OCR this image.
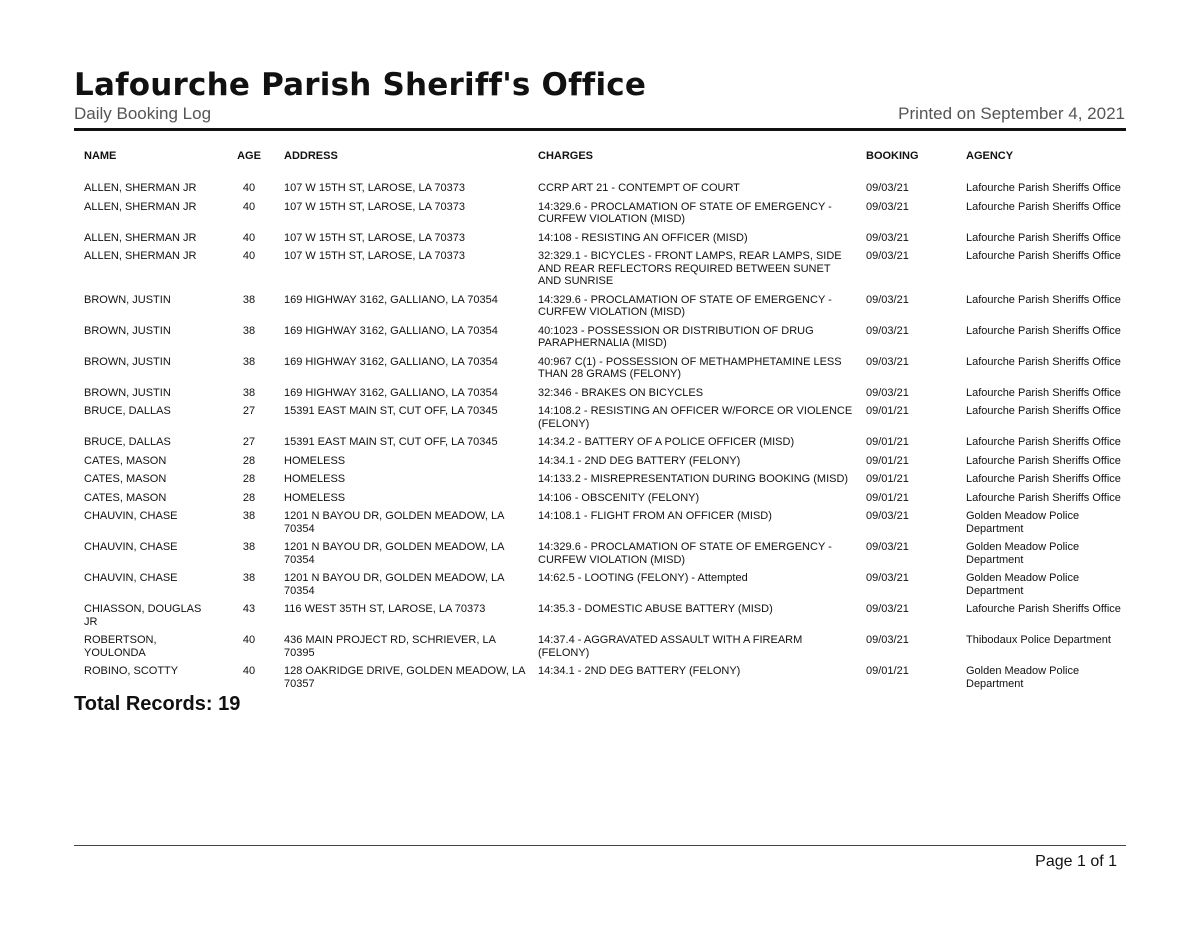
Lafourche Parish Sheriff's Office
Daily Booking Log	Printed on September 4, 2021
NAME	AGE	ADDRESS	CHARGES	BOOKING	AGENCY
ALLEN, SHERMAN JR	40	107 W 15TH ST, LAROSE, LA 70373	CCRP ART 21 - CONTEMPT OF COURT	09/03/21	Lafourche Parish Sheriffs Office
ALLEN, SHERMAN JR	40	107 W 15TH ST, LAROSE, LA 70373	14:329.6 - PROCLAMATION OF STATE OF EMERGENCY - CURFEW VIOLATION (MISD)	09/03/21	Lafourche Parish Sheriffs Office
ALLEN, SHERMAN JR	40	107 W 15TH ST, LAROSE, LA 70373	14:108 - RESISTING AN OFFICER (MISD)	09/03/21	Lafourche Parish Sheriffs Office
ALLEN, SHERMAN JR	40	107 W 15TH ST, LAROSE, LA 70373	32:329.1 - BICYCLES - FRONT LAMPS, REAR LAMPS, SIDE AND REAR REFLECTORS REQUIRED BETWEEN SUNET AND SUNRISE	09/03/21	Lafourche Parish Sheriffs Office
BROWN, JUSTIN	38	169 HIGHWAY 3162, GALLIANO, LA 70354	14:329.6 - PROCLAMATION OF STATE OF EMERGENCY - CURFEW VIOLATION (MISD)	09/03/21	Lafourche Parish Sheriffs Office
BROWN, JUSTIN	38	169 HIGHWAY 3162, GALLIANO, LA 70354	40:1023 - POSSESSION OR DISTRIBUTION OF DRUG PARAPHERNALIA (MISD)	09/03/21	Lafourche Parish Sheriffs Office
BROWN, JUSTIN	38	169 HIGHWAY 3162, GALLIANO, LA 70354	40:967 C(1) - POSSESSION OF METHAMPHETAMINE LESS THAN 28 GRAMS (FELONY)	09/03/21	Lafourche Parish Sheriffs Office
BROWN, JUSTIN	38	169 HIGHWAY 3162, GALLIANO, LA 70354	32:346 - BRAKES ON BICYCLES	09/03/21	Lafourche Parish Sheriffs Office
BRUCE, DALLAS	27	15391 EAST MAIN ST, CUT OFF, LA 70345	14:108.2 - RESISTING AN OFFICER W/FORCE OR VIOLENCE (FELONY)	09/01/21	Lafourche Parish Sheriffs Office
BRUCE, DALLAS	27	15391 EAST MAIN ST, CUT OFF, LA 70345	14:34.2 - BATTERY OF A POLICE OFFICER (MISD)	09/01/21	Lafourche Parish Sheriffs Office
CATES, MASON	28	HOMELESS	14:34.1 - 2ND DEG BATTERY (FELONY)	09/01/21	Lafourche Parish Sheriffs Office
CATES, MASON	28	HOMELESS	14:133.2 - MISREPRESENTATION DURING BOOKING (MISD)	09/01/21	Lafourche Parish Sheriffs Office
CATES, MASON	28	HOMELESS	14:106 - OBSCENITY (FELONY)	09/01/21	Lafourche Parish Sheriffs Office
CHAUVIN, CHASE	38	1201 N BAYOU DR, GOLDEN MEADOW, LA 70354	14:108.1 - FLIGHT FROM AN OFFICER (MISD)	09/03/21	Golden Meadow Police Department
CHAUVIN, CHASE	38	1201 N BAYOU DR, GOLDEN MEADOW, LA 70354	14:329.6 - PROCLAMATION OF STATE OF EMERGENCY - CURFEW VIOLATION (MISD)	09/03/21	Golden Meadow Police Department
CHAUVIN, CHASE	38	1201 N BAYOU DR, GOLDEN MEADOW, LA 70354	14:62.5 - LOOTING (FELONY) - Attempted	09/03/21	Golden Meadow Police Department
CHIASSON, DOUGLAS JR	43	116 WEST 35TH ST, LAROSE, LA 70373	14:35.3 - DOMESTIC ABUSE BATTERY (MISD)	09/03/21	Lafourche Parish Sheriffs Office
ROBERTSON, YOULONDA	40	436 MAIN PROJECT RD, SCHRIEVER, LA 70395	14:37.4 - AGGRAVATED ASSAULT WITH A FIREARM (FELONY)	09/03/21	Thibodaux Police Department
ROBINO, SCOTTY	40	128 OAKRIDGE DRIVE, GOLDEN MEADOW, LA 70357	14:34.1 - 2ND DEG BATTERY (FELONY)	09/01/21	Golden Meadow Police Department
Total Records: 19
Page 1 of 1
